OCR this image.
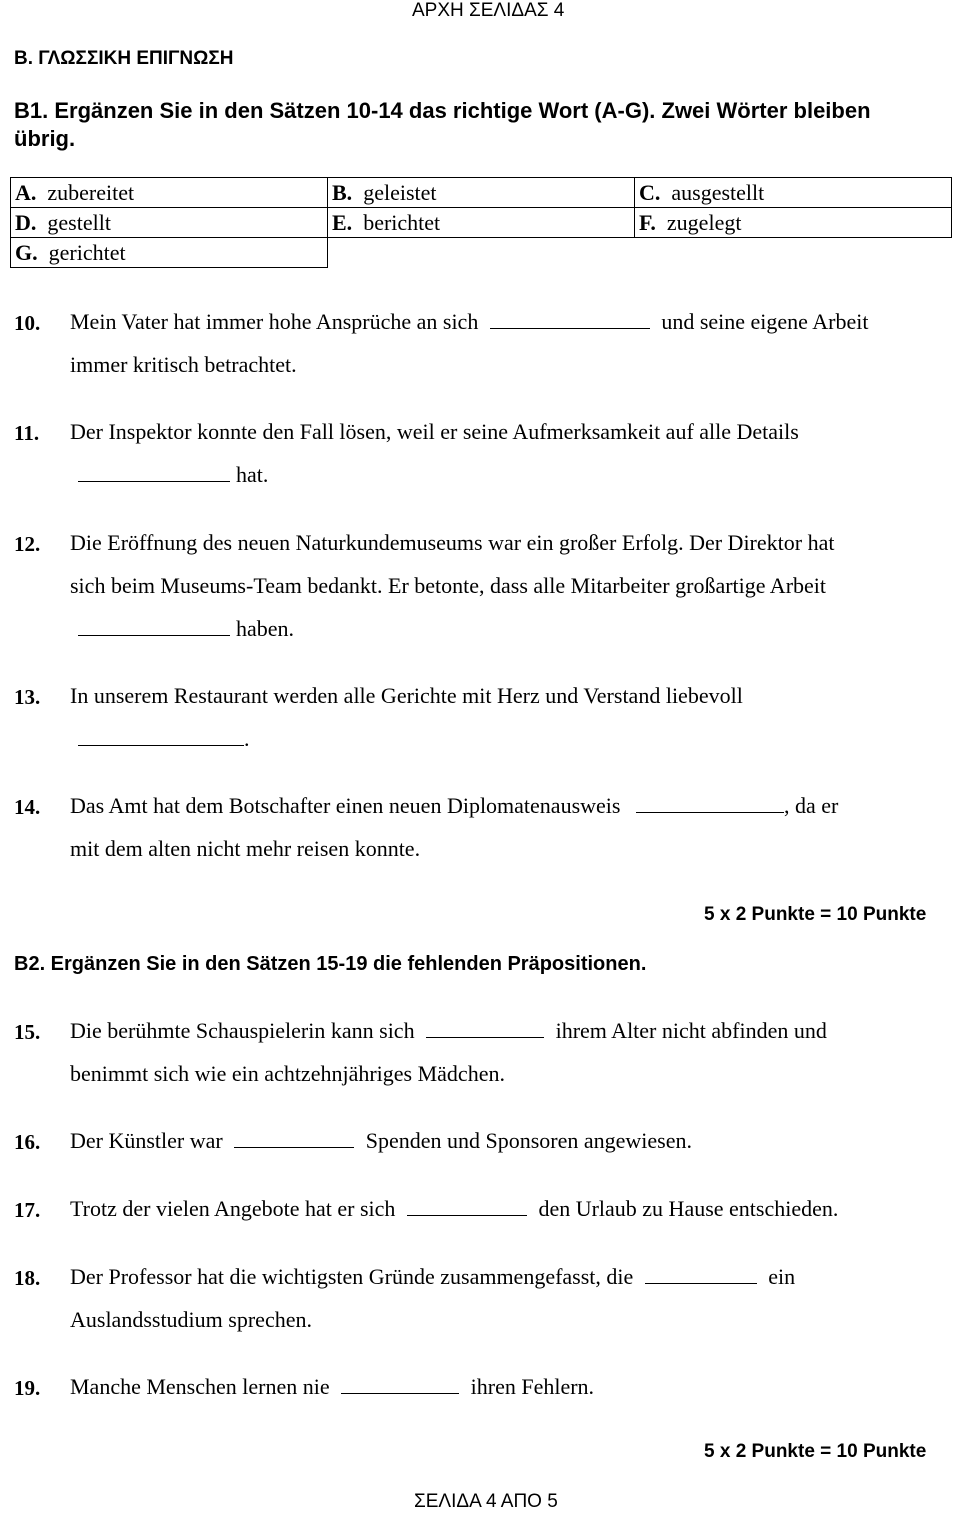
ΑΡΧΗ ΣΕΛΙΔΑΣ 4
Β. ΓΛΩΣΣΙΚΗ ΕΠΙΓΝΩΣΗ
B1. Ergänzen Sie in den Sätzen 10-14 das richtige Wort (A-G). Zwei Wörter bleiben
übrig.
A. zubereitet	B. geleistet	C. ausgestellt
D. gestellt	E. berichtet	F. zugelegt
G. gerichtet		
10. Mein Vater hat immer hohe Ansprüche an sich	und seine eigene Arbeit
immer kritisch betrachtet.
11. Der Inspektor konnte den Fall lösen, weil er seine Aufmerksamkeit auf alle Details
hat.
12. Die Eröffnung des neuen Naturkundemuseums war ein großer Erfolg. Der Direktor hat
sich beim Museums-Team bedankt. Er betonte, dass alle Mitarbeiter großartige Arbeit
haben.
13. In unserem Restaurant werden alle Gerichte mit Herz und Verstand liebevoll
.
14. Das Amt hat dem Botschafter einen neuen Diplomatenausweis	, da er
mit dem alten nicht mehr reisen konnte.
5 x 2 Punkte = 10 Punkte
B2. Ergänzen Sie in den Sätzen 15-19 die fehlenden Präpositionen.
15. Die berühmte Schauspielerin kann sich	ihrem Alter nicht abfinden und
benimmt sich wie ein achtzehnjähriges Mädchen.
16. Der Künstler war	Spenden und Sponsoren angewiesen.
17. Trotz der vielen Angebote hat er sich	den Urlaub zu Hause entschieden.
18. Der Professor hat die wichtigsten Gründe zusammengefasst, die	ein
Auslandsstudium sprechen.
19. Manche Menschen lernen nie	ihren Fehlern.
5 x 2 Punkte = 10 Punkte
ΣΕΛΙΔΑ 4 ΑΠΟ 5
